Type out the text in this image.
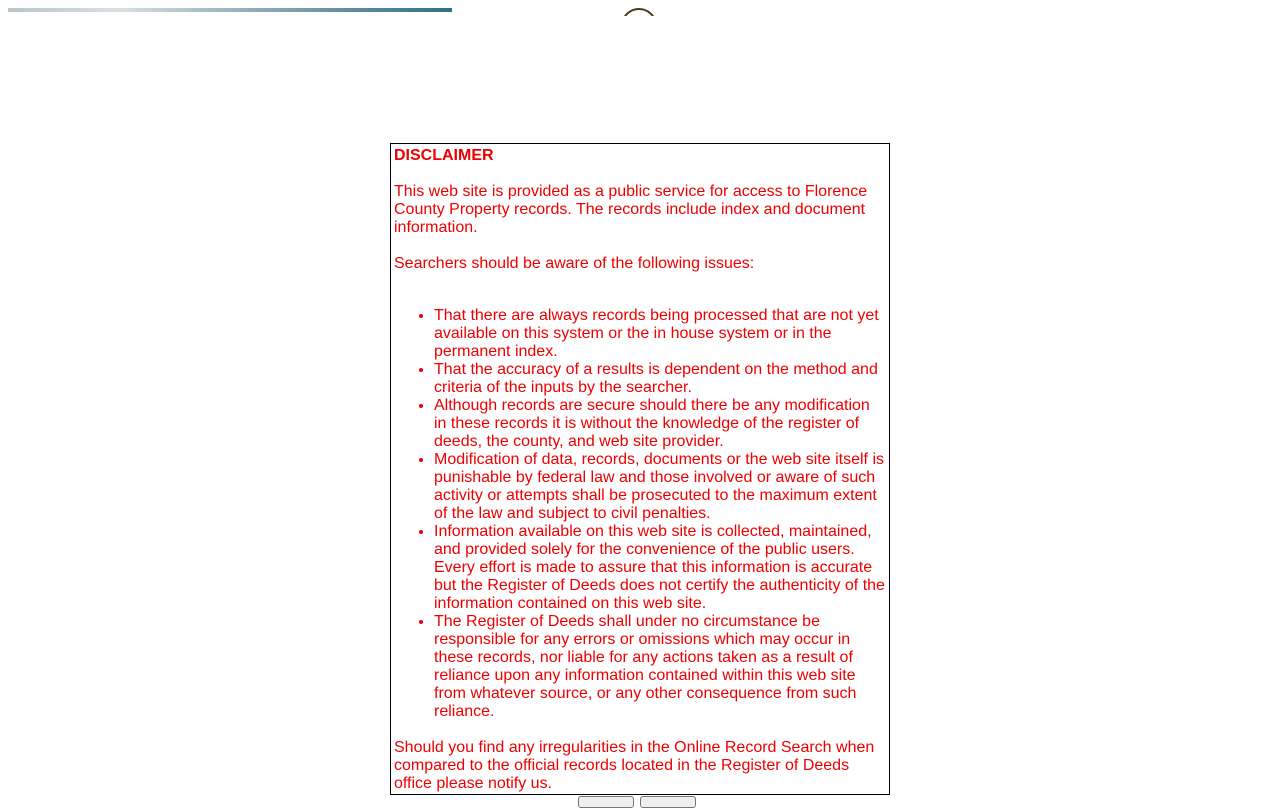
DISCLAIMER

This web site is provided as a public service for access to Florence County Property records. The records include index and document information.

Searchers should be aware of the following issues:

• That there are always records being processed that are not yet available on this system or the in house system or in the permanent index.
• That the accuracy of a results is dependent on the method and criteria of the inputs by the searcher.
• Although records are secure should there be any modification in these records it is without the knowledge of the register of deeds, the county, and web site provider.
• Modification of data, records, documents or the web site itself is punishable by federal law and those involved or aware of such activity or attempts shall be prosecuted to the maximum extent of the law and subject to civil penalties.
• Information available on this web site is collected, maintained, and provided solely for the convenience of the public users. Every effort is made to assure that this information is accurate but the Register of Deeds does not certify the authenticity of the information contained on this web site.
• The Register of Deeds shall under no circumstance be responsible for any errors or omissions which may occur in these records, nor liable for any actions taken as a result of reliance upon any information contained within this web site from whatever source, or any other consequence from such reliance.

Should you find any irregularities in the Online Record Search when compared to the official records located in the Register of Deeds office please notify us.
